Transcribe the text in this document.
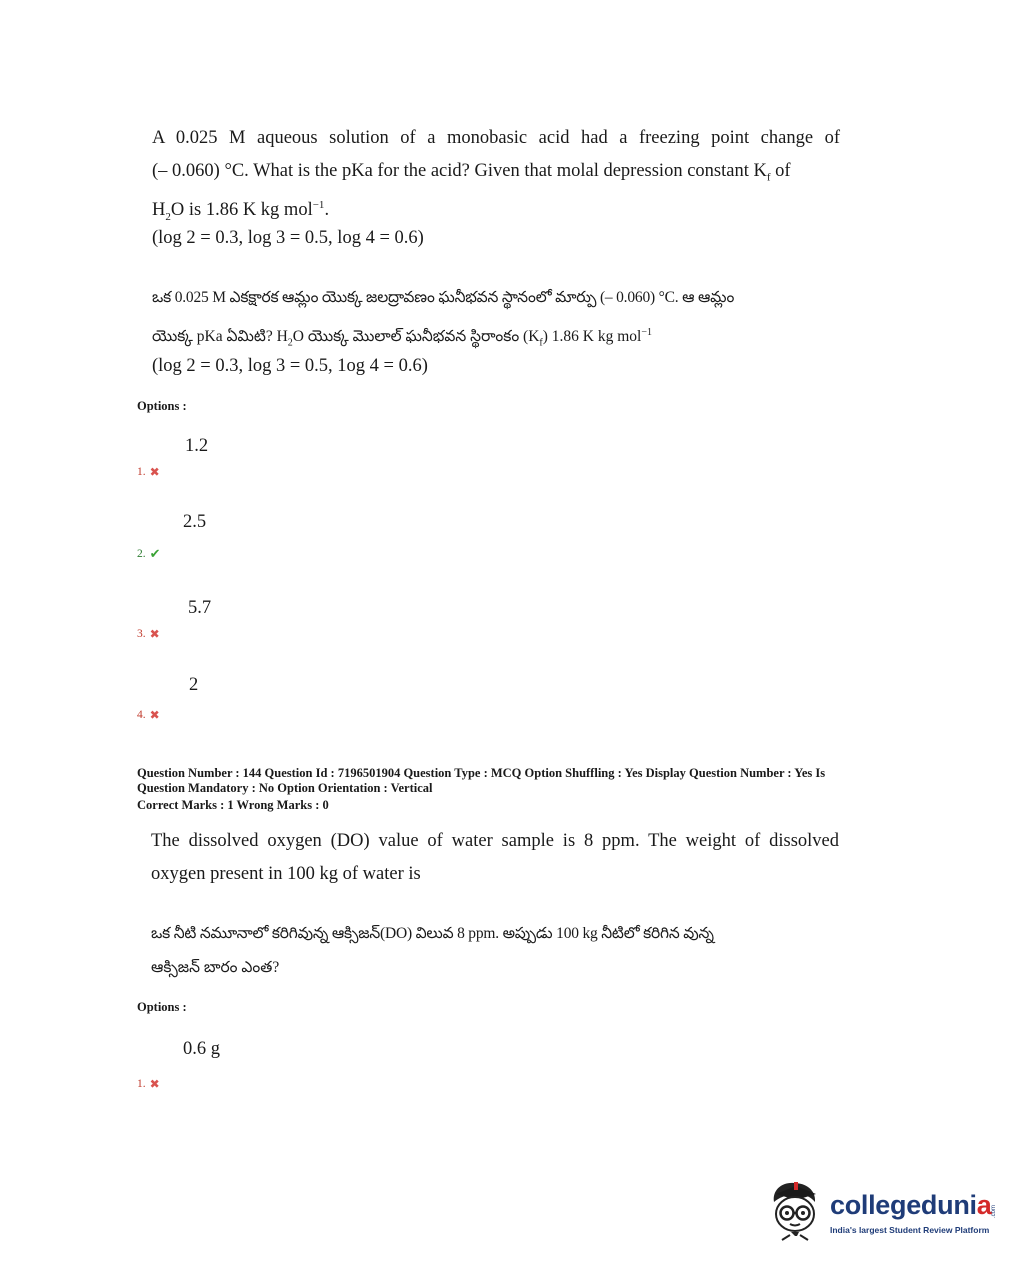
A 0.025 M aqueous solution of a monobasic acid had a freezing point change of
(– 0.060) °C. What is the pKa for the acid? Given that molal depression constant $K_f$ of
$H_2O$ is 1.86 K kg mol$^{-1}$.
(log 2 = 0.3, log 3 = 0.5, log 4 = 0.6)
ఒక 0.025 M ఎకక్షారక ఆమ్లం యొక్క జలద్రావణం ఘనీభవన స్థానంలో మార్పు (– 0.060) °C. ఆ ఆమ్లం
యొక్క pKa ఏమిటి? $H_2O$ యొక్క మొలాల్ ఘనీభవన స్థిరాంకం $(K_f)$ 1.86 K kg mol$^{-1}$
(log 2 = 0.3, log 3 = 0.5, 1og 4 = 0.6)
Options :
1.2
1. ✖
2.5
2. ✔
5.7
3. ✖
2
4. ✖
Question Number : 144 Question Id : 7196501904 Question Type : MCQ Option Shuffling : Yes Display Question Number : Yes Is
Question Mandatory : No Option Orientation : Vertical
Correct Marks : 1 Wrong Marks : 0
The dissolved oxygen (DO) value of water sample is 8 ppm. The weight of dissolved
oxygen present in 100 kg of water is
ఒక నీటి నమూనాలో కరిగివున్న ఆక్సిజన్(DO) విలువ 8 ppm. అప్పుడు 100 kg నీటిలో కరిగిన వున్న
ఆక్సిజన్ బారం ఎంత?
Options :
0.6 g
1. ✖
collegedunia .com
India's largest Student Review Platform
